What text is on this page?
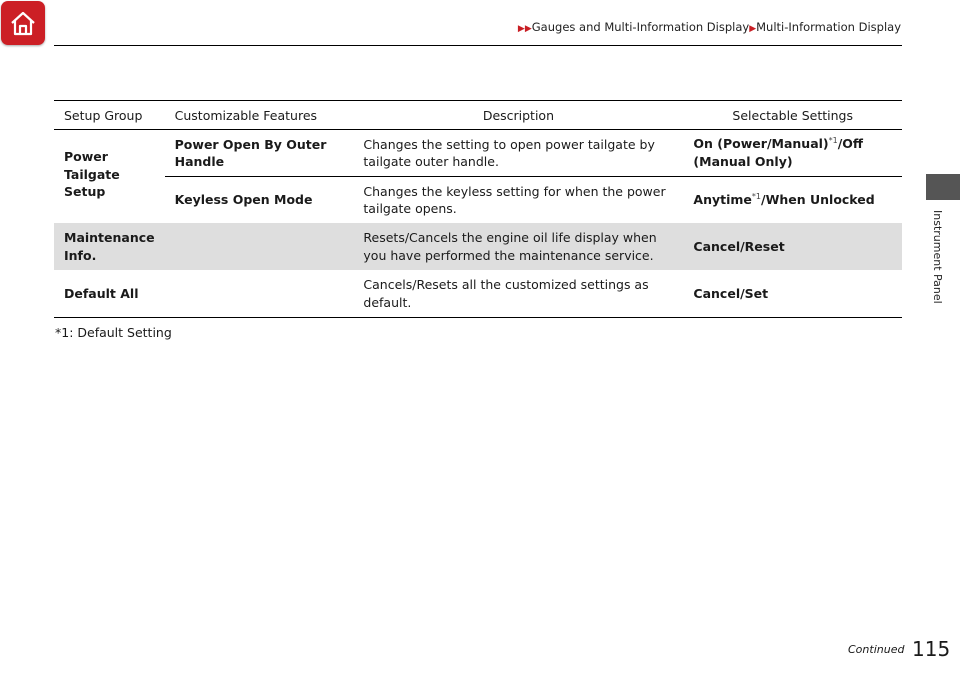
▶▶Gauges and Multi-Information Display▶Multi-Information Display
Instrument Panel
Setup Group	Customizable Features	Description	Selectable Settings
Power Tailgate Setup	Power Open By Outer Handle	Changes the setting to open power tailgate by tailgate outer handle.	On (Power/Manual)$^{*1}$/Off (Manual Only)
	Keyless Open Mode	Changes the keyless setting for when the power tailgate opens.	Anytime$^{*1}$/When Unlocked
Maintenance Info.		Resets/Cancels the engine oil life display when you have performed the maintenance service.	Cancel/Reset
Default All		Cancels/Resets all the customized settings as default.	Cancel/Set
*1: Default Setting
Continued 115
